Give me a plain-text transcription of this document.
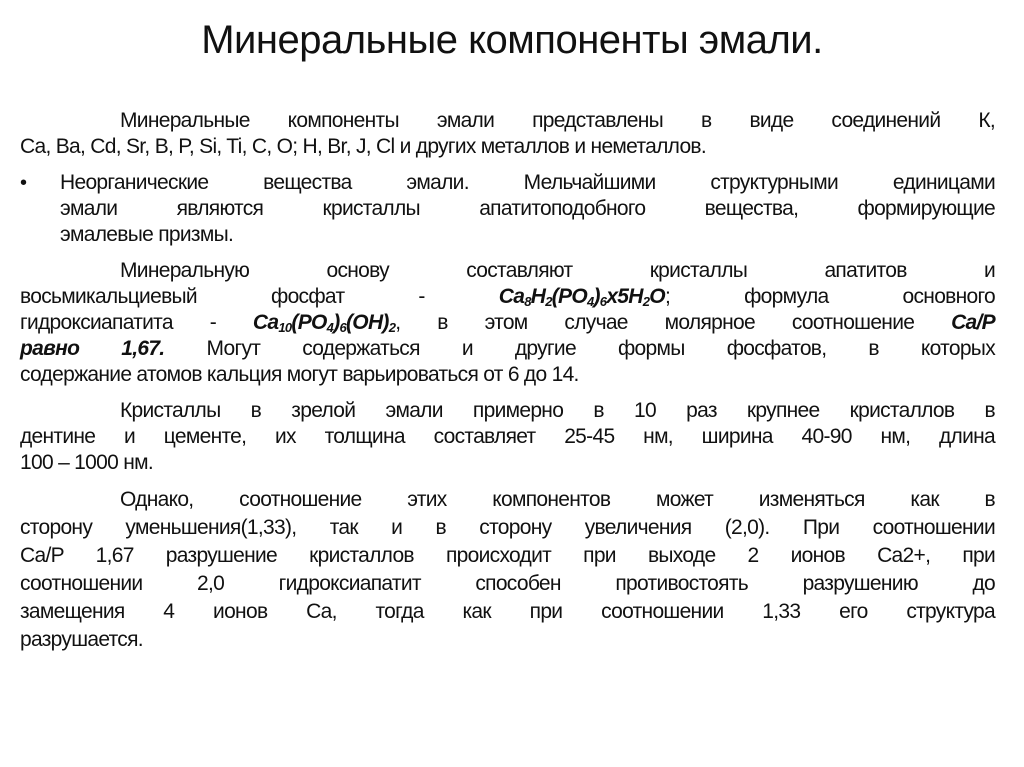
Минеральные компоненты эмали.
Минеральные компоненты эмали представлены в виде соединений К,
Ca, Ba, Cd, Sr, B, P, Si, Ti, C, O; H, Br, J, Cl и других металлов и неметаллов.
• Неорганические вещества эмали. Мельчайшими структурными единицами
эмали являются кристаллы апатитоподобного вещества, формирующие
эмалевые призмы.
Минеральную основу составляют кристаллы апатитов и
восьмикальциевый фосфат - $Ca_8H_2(PO_4)_6x5H_2O$; формула основного
гидроксиапатита - $Ca_{10}(PO_4)_6(OH)_2$, в этом случае молярное соотношение Ca/P
равно 1,67. Могут содержаться и другие формы фосфатов, в которых
содержание атомов кальция могут варьироваться от 6 до 14.
Кристаллы в зрелой эмали примерно в 10 раз крупнее кристаллов в
дентине и цементе, их толщина составляет 25-45 нм, ширина 40-90 нм, длина
100 – 1000 нм.
Однако, соотношение этих компонентов может изменяться как в
сторону уменьшения(1,33), так и в сторону увеличения (2,0). При соотношении
Ca/P 1,67 разрушение кристаллов происходит при выходе 2 ионов Ca2+, при
соотношении 2,0 гидроксиапатит способен противостоять разрушению до
замещения 4 ионов Ca, тогда как при соотношении 1,33 его структура
разрушается.
